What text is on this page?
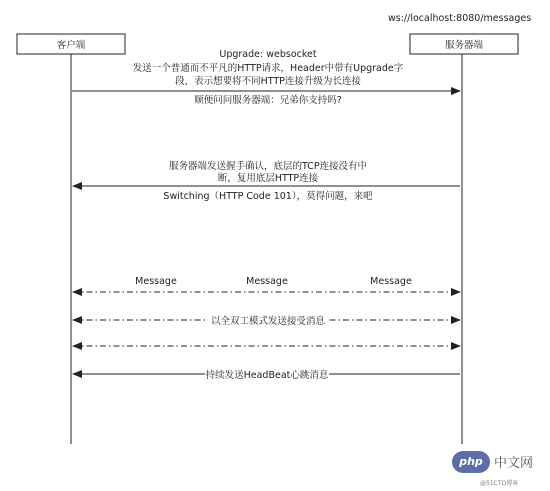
ws://localhost:8080/messages
客户端	服务器端
Upgrade: websocket
发送一个普通而不平凡的HTTP请求，Header中带有Upgrade字
段，表示想要将不同HTTP连接升级为长连接
顺便问问服务器端：兄弟你支持吗?
服务器端发送握手确认，底层的TCP连接没有中
断，复用底层HTTP连接
Switching（HTTP Code 101），莫得问题，来吧
Message	Message	Message
以全双工模式发送接受消息
持续发送HeadBeat心跳消息
php 中文网
@51CTO博客
